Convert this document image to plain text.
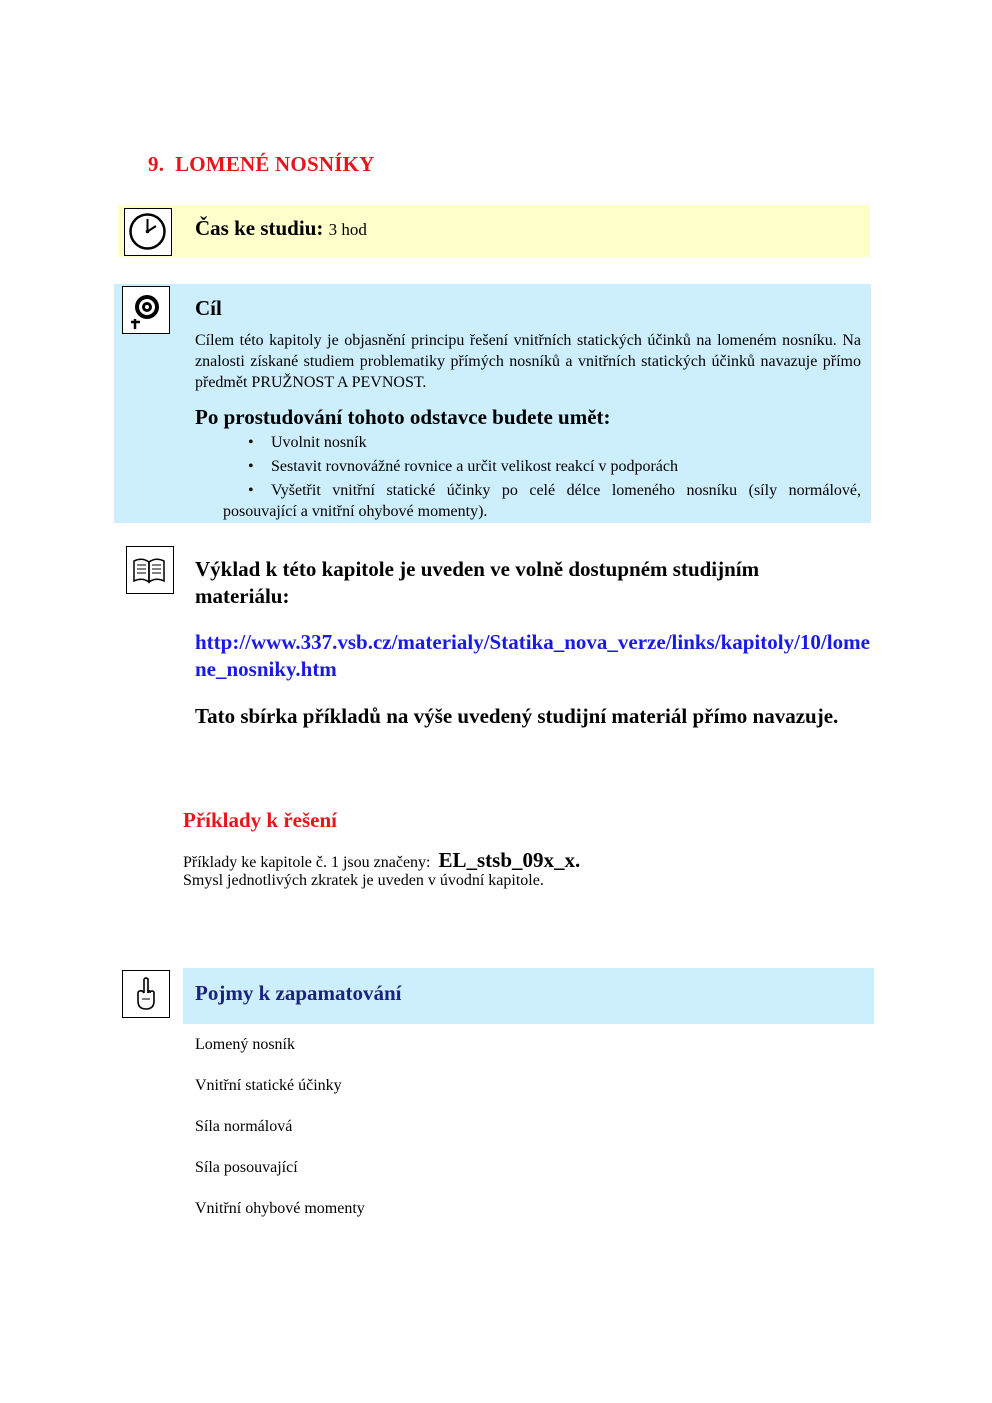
9. LOMENÉ NOSNÍKY
Čas ke studiu: 3 hod
Cíl
Cílem této kapitoly je objasnění principu řešení vnitřních statických účinků na lomeném nosníku. Na znalosti získané studiem problematiky přímých nosníků a vnitřních statických účinků navazuje přímo předmět PRUŽNOST A PEVNOST.
Po prostudování tohoto odstavce budete umět:
• Uvolnit nosník
• Sestavit rovnovážné rovnice a určit velikost reakcí v podporách
• Vyšetřit vnitřní statické účinky po celé délce lomeného nosníku (síly normálové, posouvající a vnitřní ohybové momenty).
Výklad k této kapitole je uveden ve volně dostupném studijním materiálu:
http://www.337.vsb.cz/materialy/Statika_nova_verze/links/kapitoly/10/lomene_nosniky.htm
Tato sbírka příkladů na výše uvedený studijní materiál přímo navazuje.
Příklady k řešení
Příklady ke kapitole č. 1 jsou značeny: EL_stsb_09x_x.
Smysl jednotlivých zkratek je uveden v úvodní kapitole.
Pojmy k zapamatování
Lomený nosník
Vnitřní statické účinky
Síla normálová
Síla posouvající
Vnitřní ohybové momenty
